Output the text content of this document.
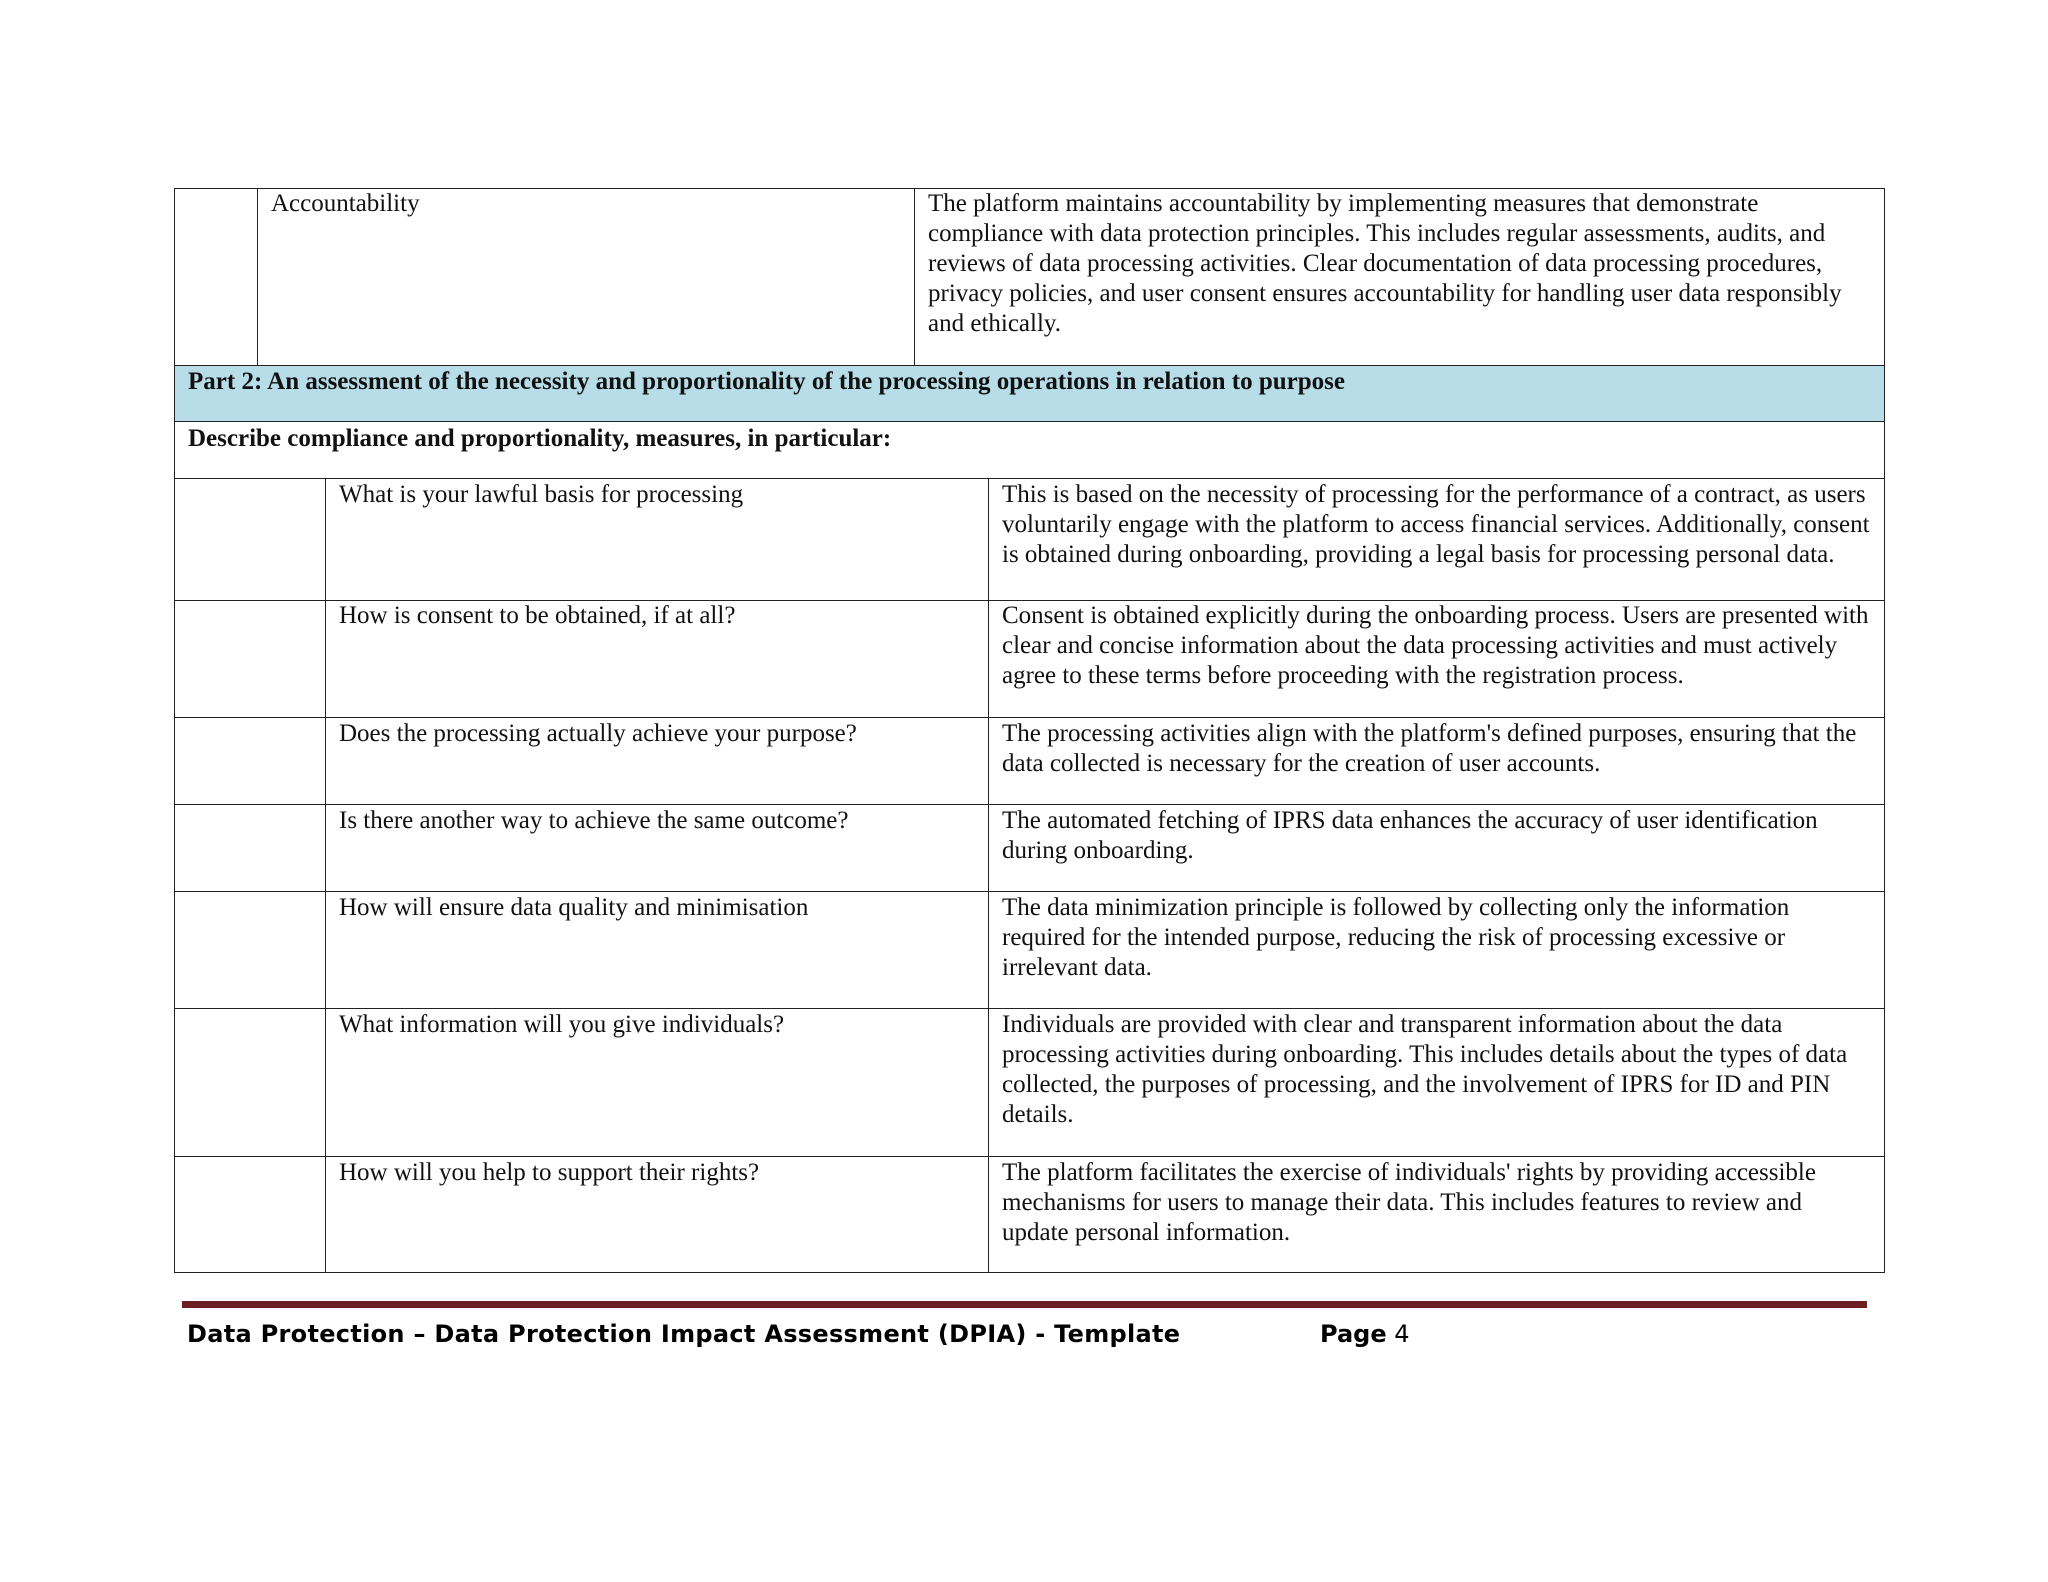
Accountability	The platform maintains accountability by implementing measures that demonstrate compliance with data protection principles. This includes regular assessments, audits, and reviews of data processing activities. Clear documentation of data processing procedures, privacy policies, and user consent ensures accountability for handling user data responsibly and ethically.
Part 2: An assessment of the necessity and proportionality of the processing operations in relation to purpose
Describe compliance and proportionality, measures, in particular:
What is your lawful basis for processing	This is based on the necessity of processing for the performance of a contract, as users voluntarily engage with the platform to access financial services. Additionally, consent is obtained during onboarding, providing a legal basis for processing personal data.
How is consent to be obtained, if at all?	Consent is obtained explicitly during the onboarding process. Users are presented with clear and concise information about the data processing activities and must actively agree to these terms before proceeding with the registration process.
Does the processing actually achieve your purpose?	The processing activities align with the platform's defined purposes, ensuring that the data collected is necessary for the creation of user accounts.
Is there another way to achieve the same outcome?	The automated fetching of IPRS data enhances the accuracy of user identification during onboarding.
How will ensure data quality and minimisation	The data minimization principle is followed by collecting only the information required for the intended purpose, reducing the risk of processing excessive or irrelevant data.
What information will you give individuals?	Individuals are provided with clear and transparent information about the data processing activities during onboarding. This includes details about the types of data collected, the purposes of processing, and the involvement of IPRS for ID and PIN details.
How will you help to support their rights?	The platform facilitates the exercise of individuals' rights by providing accessible mechanisms for users to manage their data. This includes features to review and update personal information.
Data Protection – Data Protection Impact Assessment (DPIA) - Template	Page 4
